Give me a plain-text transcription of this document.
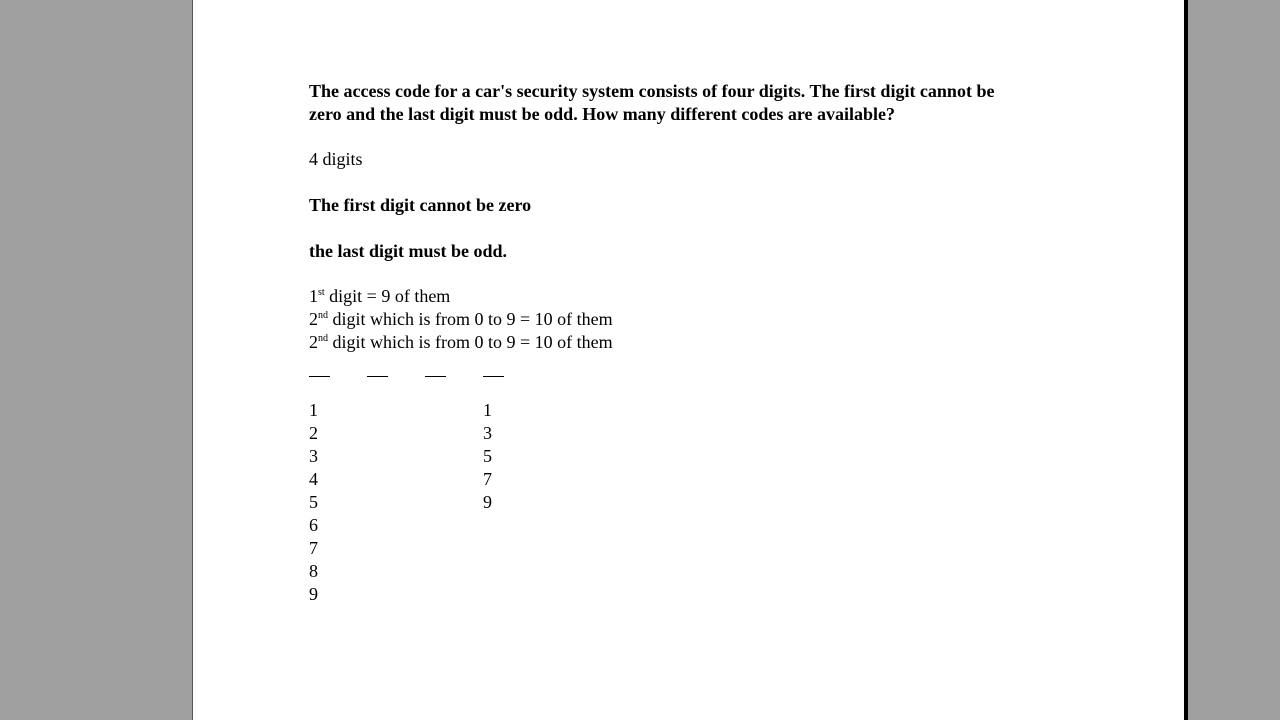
The access code for a car's security system consists of four digits. The first digit cannot be
zero and the last digit must be odd. How many different codes are available?
4 digits
The first digit cannot be zero
the last digit must be odd.
1st digit = 9 of them
2nd digit which is from 0 to 9 = 10 of them
2nd digit which is from 0 to 9 = 10 of them
1
2
3
4
5
6
7
8
9
1
3
5
7
9
